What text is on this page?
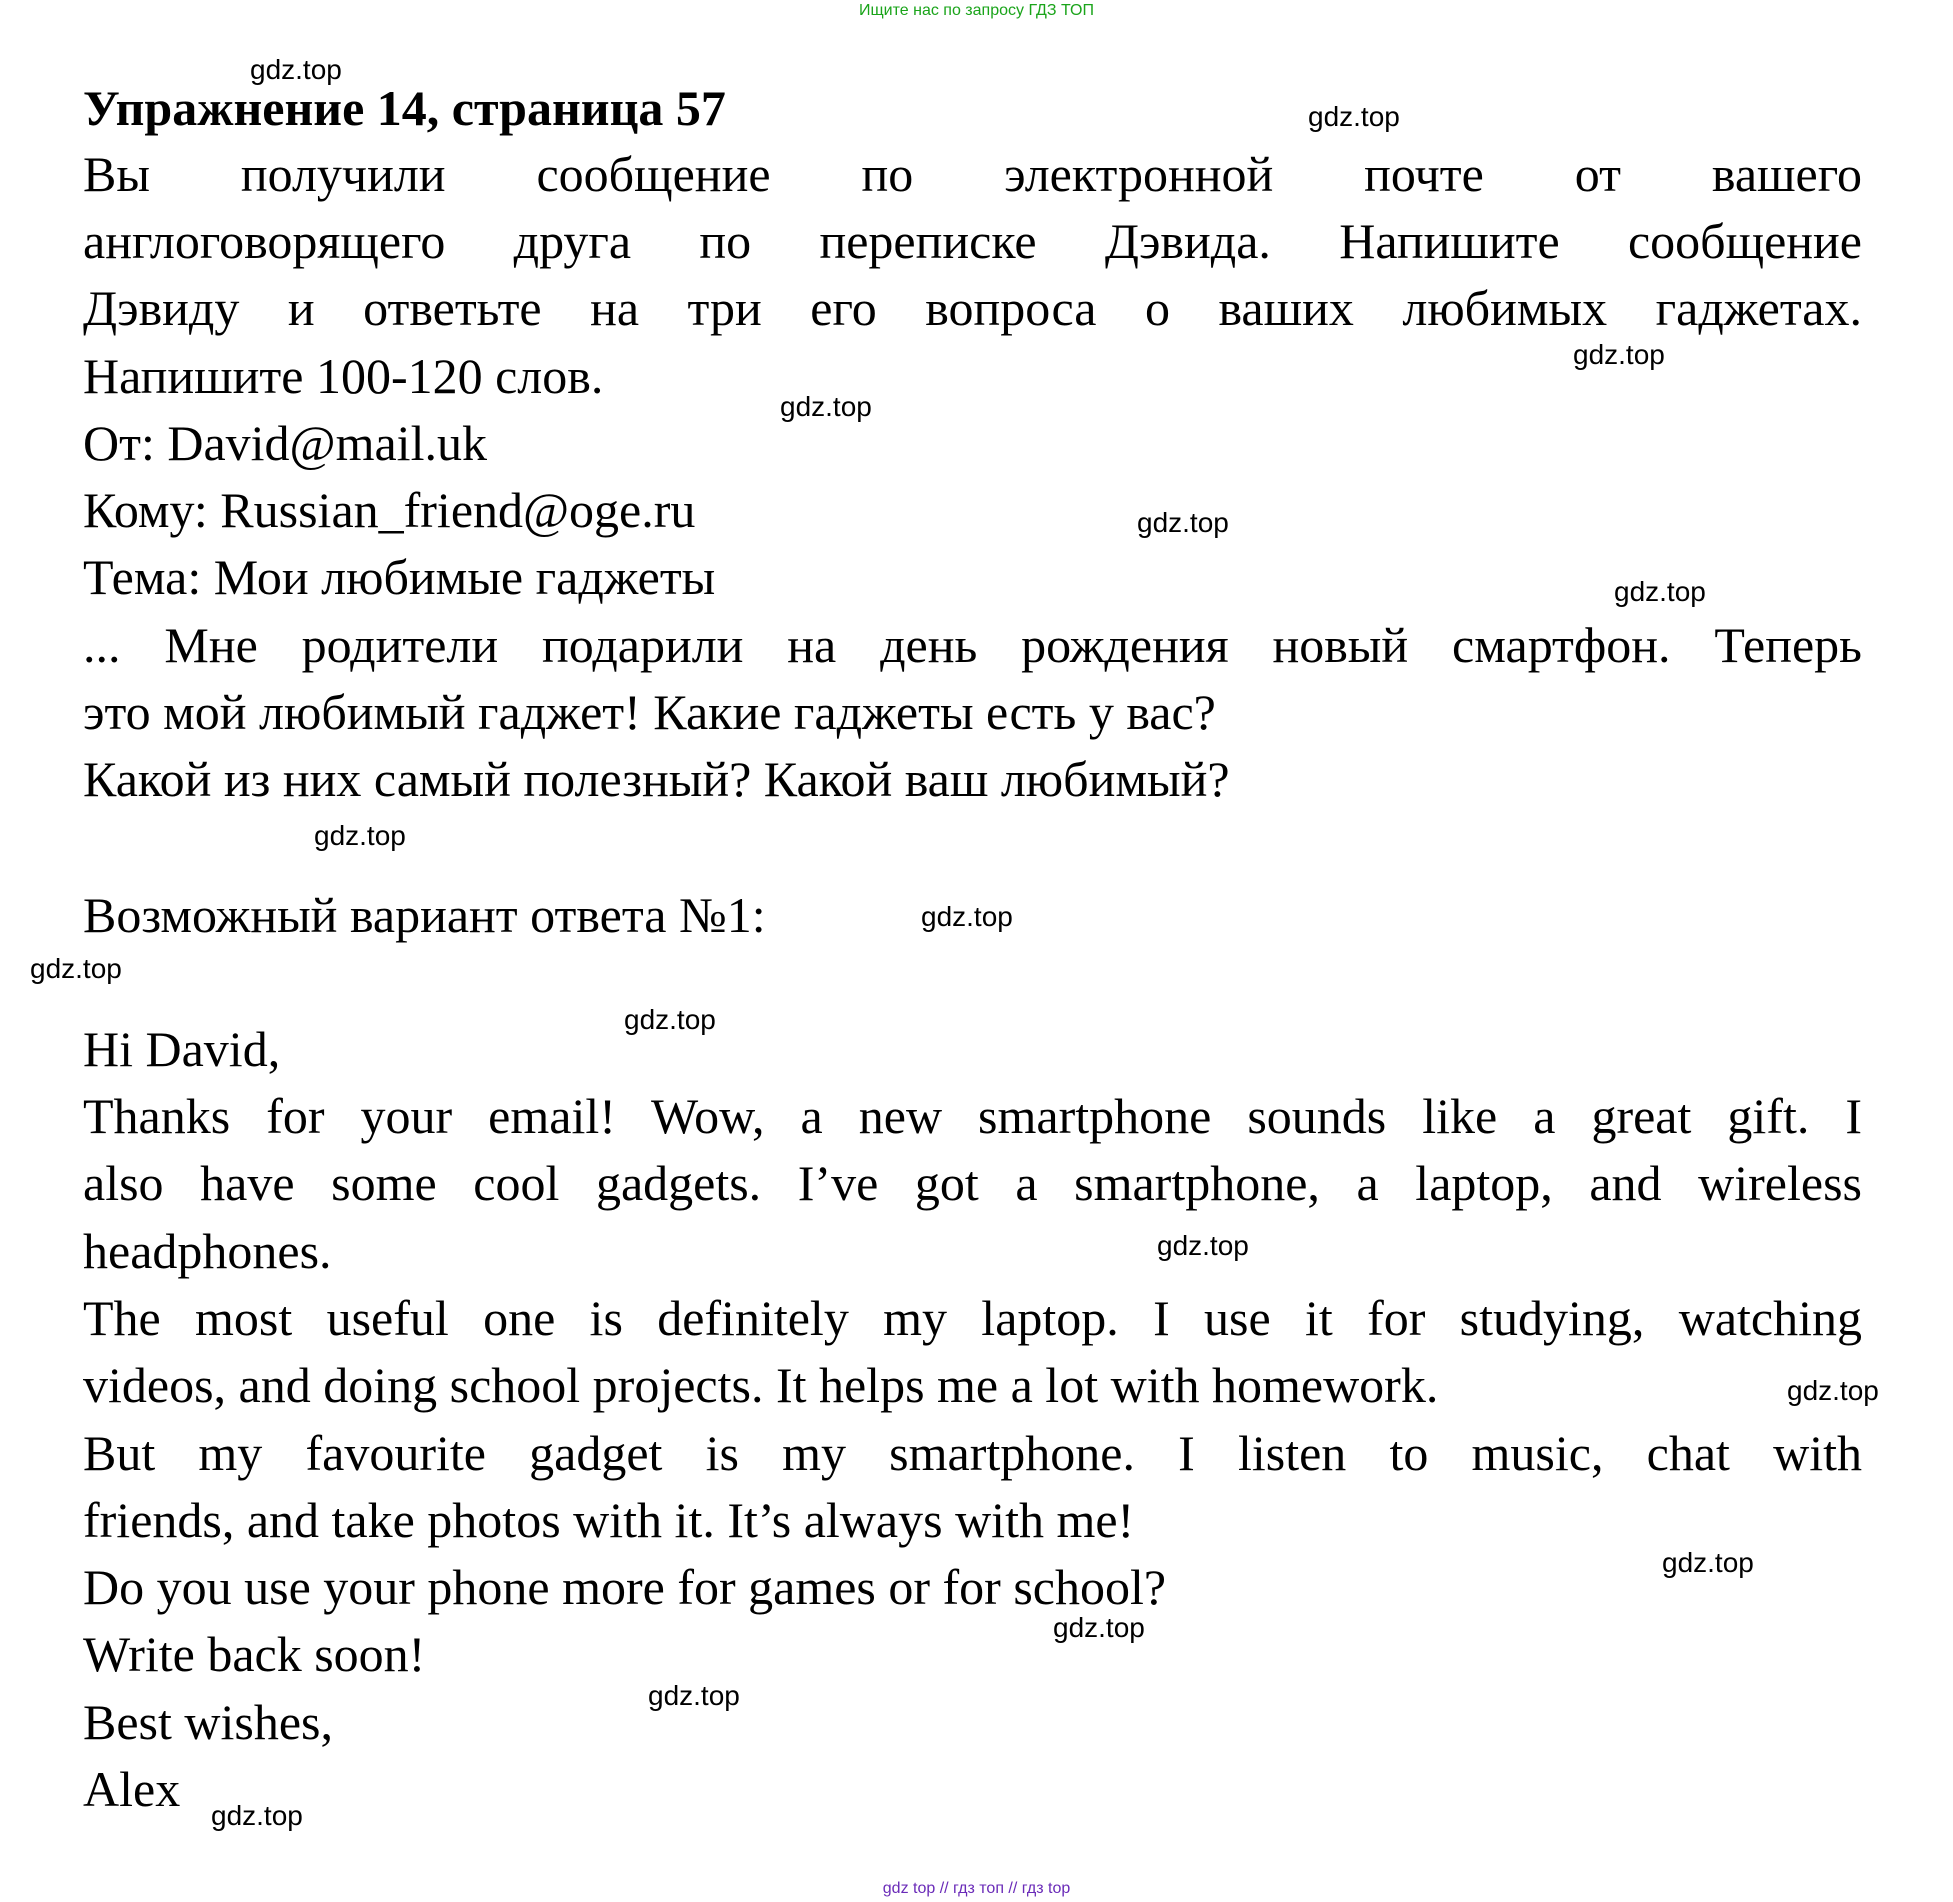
Ищите нас по запросу ГДЗ ТОП
Упражнение 14, страница 57
Вы получили сообщение по электронной почте от вашего
англоговорящего друга по переписке Дэвида. Напишите сообщение
Дэвиду и ответьте на три его вопроса о ваших любимых гаджетах.
Напишите 100-120 слов.
От: David@mail.uk
Кому: Russian_friend@oge.ru
Тема: Мои любимые гаджеты
... Мне родители подарили на день рождения новый смартфон. Теперь
это мой любимый гаджет! Какие гаджеты есть у вас?
Какой из них самый полезный? Какой ваш любимый?
Возможный вариант ответа №1:
Hi David,
Thanks for your email! Wow, a new smartphone sounds like a great gift. I
also have some cool gadgets. I’ve got a smartphone, a laptop, and wireless
headphones.
The most useful one is definitely my laptop. I use it for studying, watching
videos, and doing school projects. It helps me a lot with homework.
But my favourite gadget is my smartphone. I listen to music, chat with
friends, and take photos with it. It’s always with me!
Do you use your phone more for games or for school?
Write back soon!
Best wishes,
Alex
gdz.top
gdz.top
gdz.top
gdz.top
gdz.top
gdz.top
gdz.top
gdz.top
gdz.top
gdz.top
gdz.top
gdz.top
gdz.top
gdz.top
gdz.top
gdz.top
gdz top // гдз топ // гдз top
